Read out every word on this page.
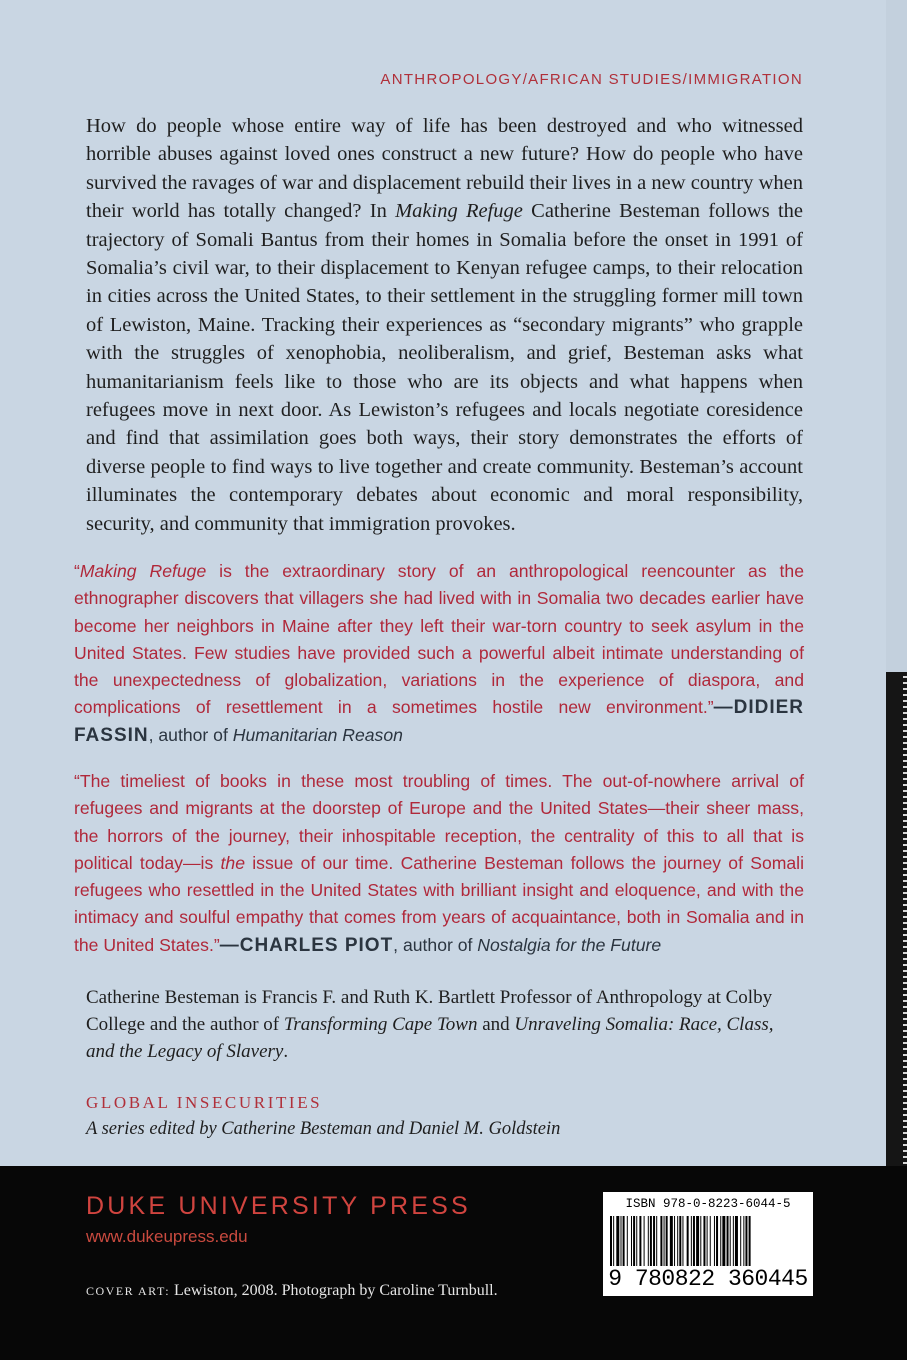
ANTHROPOLOGY/AFRICAN STUDIES/IMMIGRATION

How do people whose entire way of life has been destroyed and who witnessed horrible abuses against loved ones construct a new future? How do people who have survived the ravages of war and displacement rebuild their lives in a new country when their world has totally changed? In Making Refuge Catherine Besteman follows the trajectory of Somali Bantus from their homes in Somalia before the onset in 1991 of Somalia’s civil war, to their displacement to Kenyan refugee camps, to their relocation in cities across the United States, to their settlement in the struggling former mill town of Lewiston, Maine. Tracking their experiences as “secondary migrants” who grapple with the struggles of xenophobia, neoliberalism, and grief, Besteman asks what humanitarianism feels like to those who are its objects and what happens when refugees move in next door. As Lewiston’s refugees and locals negotiate coresidence and find that assimilation goes both ways, their story demonstrates the efforts of diverse people to find ways to live together and create community. Besteman’s account illuminates the contemporary debates about economic and moral responsibility, security, and community that immigration provokes.

“Making Refuge is the extraordinary story of an anthropological reencounter as the ethnographer discovers that villagers she had lived with in Somalia two decades earlier have become her neighbors in Maine after they left their war-torn country to seek asylum in the United States. Few studies have provided such a powerful albeit intimate understanding of the unexpectedness of globalization, variations in the experience of diaspora, and complications of resettlement in a sometimes hostile new environment.”—DIDIER FASSIN, author of Humanitarian Reason

“The timeliest of books in these most troubling of times. The out-of-nowhere arrival of refugees and migrants at the doorstep of Europe and the United States—their sheer mass, the horrors of the journey, their inhospitable reception, the centrality of this to all that is political today—is the issue of our time. Catherine Besteman follows the journey of Somali refugees who resettled in the United States with brilliant insight and eloquence, and with the intimacy and soulful empathy that comes from years of acquaintance, both in Somalia and in the United States.”—CHARLES PIOT, author of Nostalgia for the Future

Catherine Besteman is Francis F. and Ruth K. Bartlett Professor of Anthropology at Colby College and the author of Transforming Cape Town and Unraveling Somalia: Race, Class, and the Legacy of Slavery.

GLOBAL INSECURITIES
A series edited by Catherine Besteman and Daniel M. Goldstein
DUKE UNIVERSITY PRESS
www.dukeupress.edu
COVER ART: Lewiston, 2008. Photograph by Caroline Turnbull.
ISBN 978-0-8223-6044-5
9 780822 360445
